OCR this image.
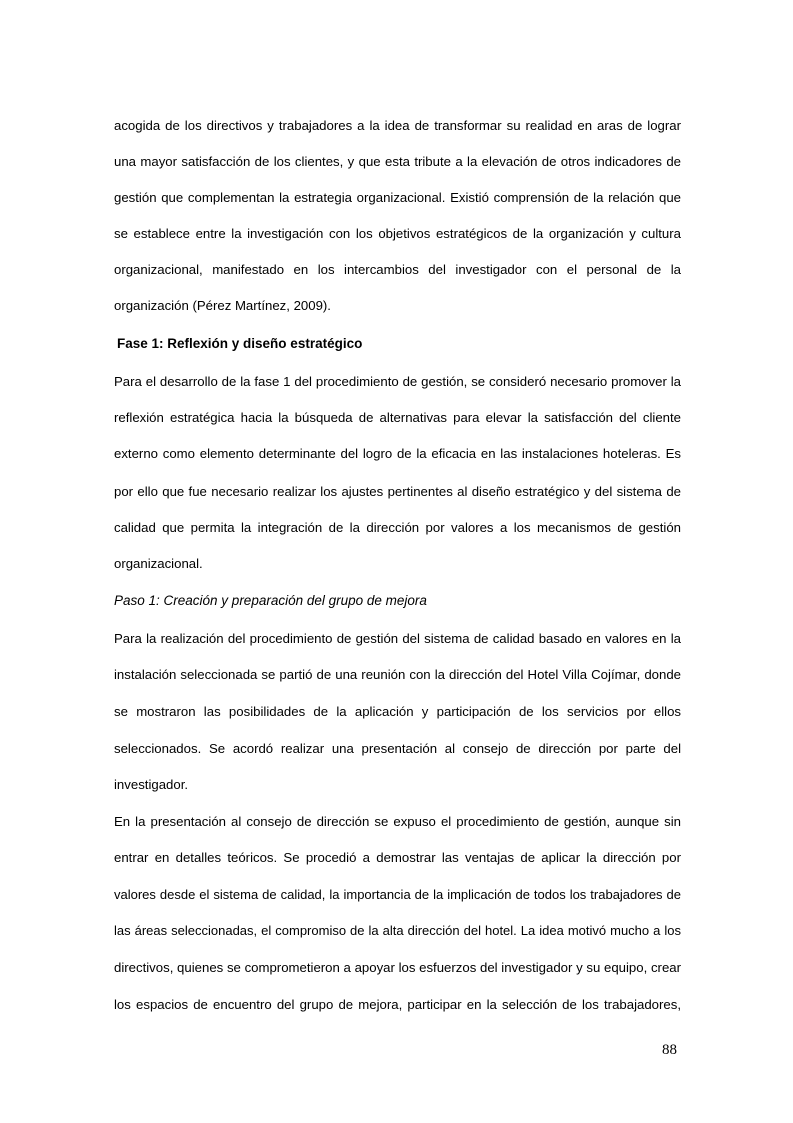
acogida de los directivos y trabajadores a la idea de transformar su realidad en aras de lograr
una mayor satisfacción de los clientes, y que esta tribute a la elevación de otros indicadores de
gestión que complementan la estrategia organizacional. Existió comprensión de la relación que
se establece entre la investigación con los objetivos estratégicos de la organización y cultura
organizacional, manifestado en los intercambios del investigador con el personal de la
organización (Pérez Martínez, 2009).
Fase 1: Reflexión y diseño estratégico
Para el desarrollo de la fase 1 del procedimiento de gestión, se consideró necesario promover la
reflexión estratégica hacia la búsqueda de alternativas para elevar la satisfacción del cliente
externo como elemento determinante del logro de la eficacia en las instalaciones hoteleras. Es
por ello que fue necesario realizar los ajustes pertinentes al diseño estratégico y del sistema de
calidad que permita la integración de la dirección por valores a los mecanismos de gestión
organizacional.
Paso 1: Creación y preparación del grupo de mejora
Para la realización del procedimiento de gestión del sistema de calidad basado en valores en la
instalación seleccionada se partió de una reunión con la dirección del Hotel Villa Cojímar, donde
se mostraron las posibilidades de la aplicación y participación de los servicios por ellos
seleccionados. Se acordó realizar una presentación al consejo de dirección por parte del
investigador.
En la presentación al consejo de dirección se expuso el procedimiento de gestión, aunque sin
entrar en detalles teóricos. Se procedió a demostrar las ventajas de aplicar la dirección por
valores desde el sistema de calidad, la importancia de la implicación de todos los trabajadores de
las áreas seleccionadas, el compromiso de la alta dirección del hotel. La idea motivó mucho a los
directivos, quienes se comprometieron a apoyar los esfuerzos del investigador y su equipo, crear
los espacios de encuentro del grupo de mejora, participar en la selección de los trabajadores,
88
